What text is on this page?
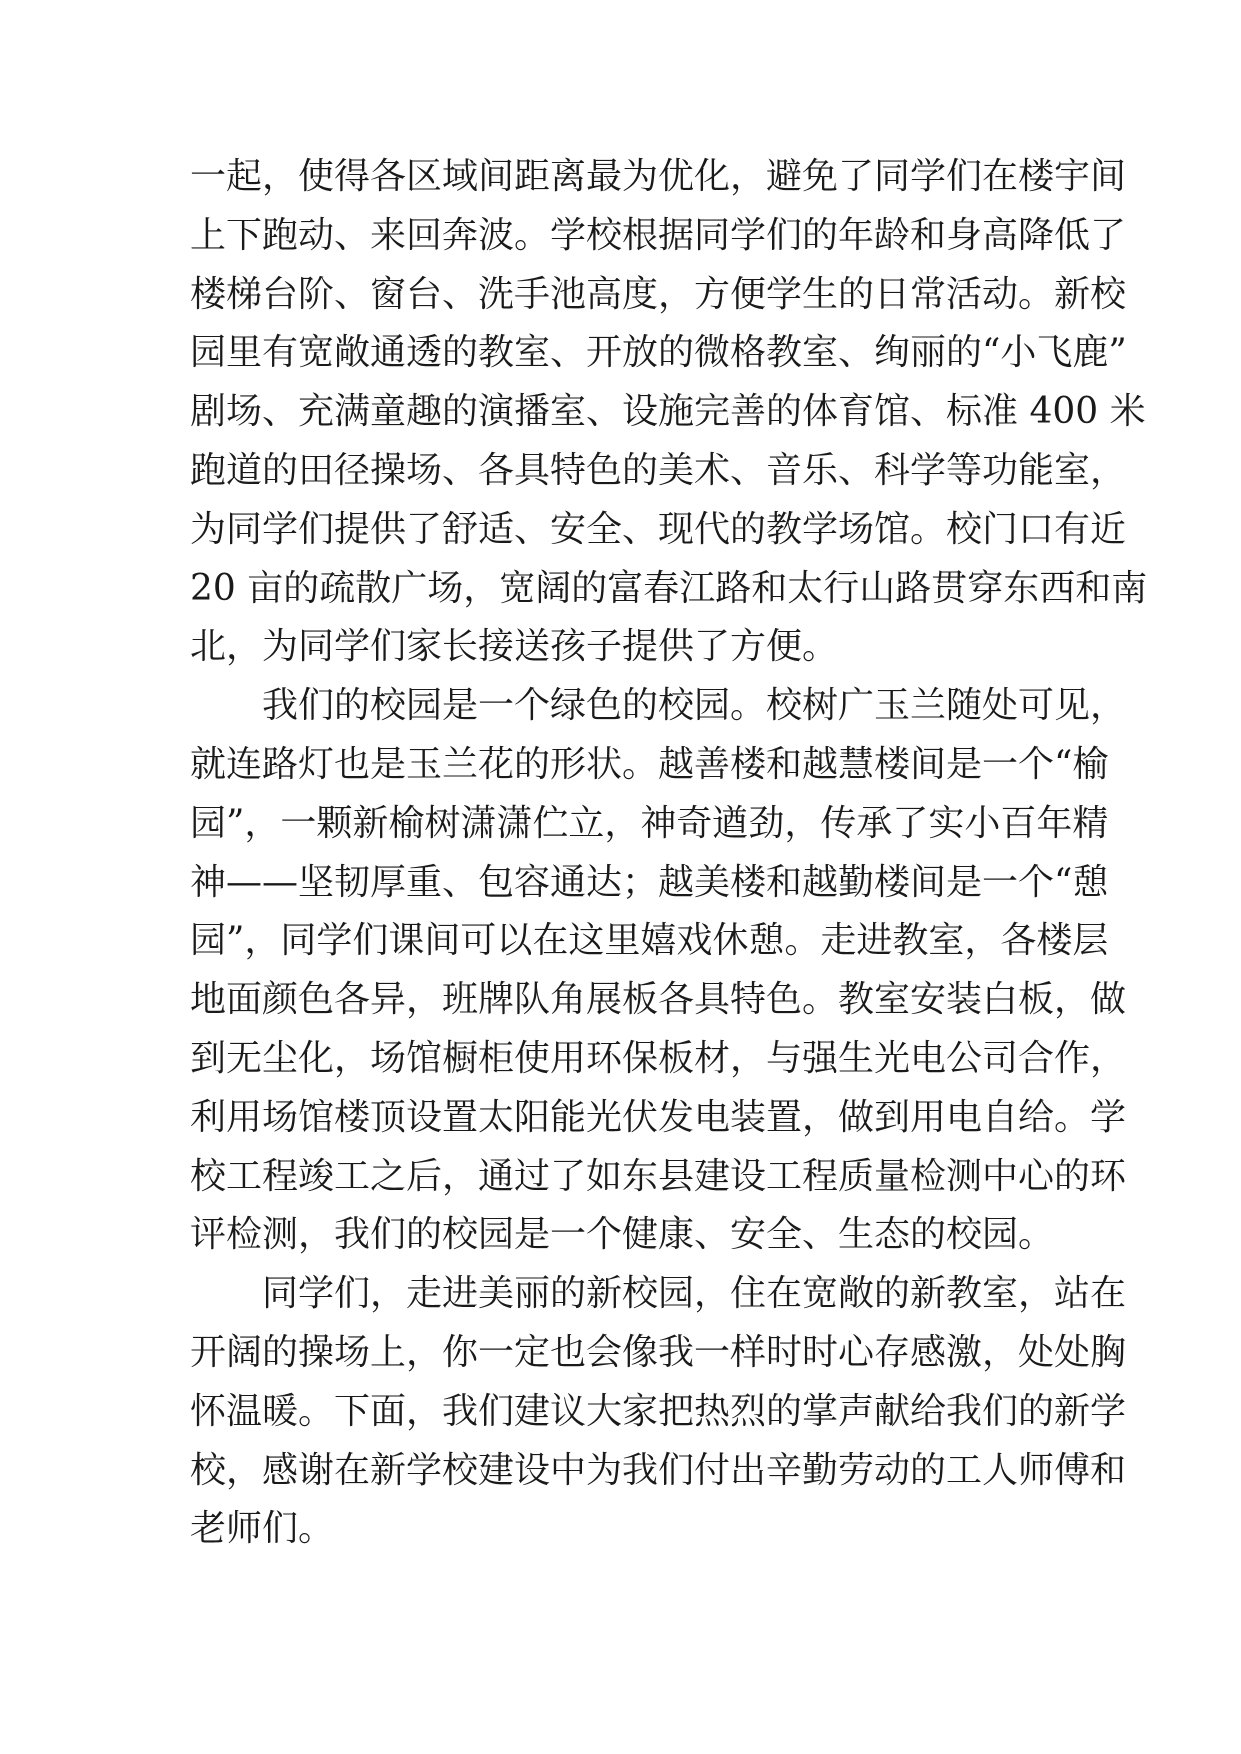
一起，使得各区域间距离最为优化，避免了同学们在楼宇间
上下跑动、来回奔波。学校根据同学们的年龄和身高降低了
楼梯台阶、窗台、洗手池高度，方便学生的日常活动。新校
园里有宽敞通透的教室、开放的微格教室、绚丽的“小飞鹿”
剧场、充满童趣的演播室、设施完善的体育馆、标准 400 米
跑道的田径操场、各具特色的美术、音乐、科学等功能室，
为同学们提供了舒适、安全、现代的教学场馆。校门口有近
20 亩的疏散广场，宽阔的富春江路和太行山路贯穿东西和南
北，为同学们家长接送孩子提供了方便。
我们的校园是一个绿色的校园。校树广玉兰随处可见，
就连路灯也是玉兰花的形状。越善楼和越慧楼间是一个“榆
园”，一颗新榆树潇潇伫立，神奇遒劲，传承了实小百年精
神——坚韧厚重、包容通达；越美楼和越勤楼间是一个“憩
园”，同学们课间可以在这里嬉戏休憩。走进教室，各楼层
地面颜色各异，班牌队角展板各具特色。教室安装白板，做
到无尘化，场馆橱柜使用环保板材，与强生光电公司合作，
利用场馆楼顶设置太阳能光伏发电装置，做到用电自给。学
校工程竣工之后，通过了如东县建设工程质量检测中心的环
评检测，我们的校园是一个健康、安全、生态的校园。
同学们，走进美丽的新校园，住在宽敞的新教室，站在
开阔的操场上，你一定也会像我一样时时心存感激，处处胸
怀温暖。下面，我们建议大家把热烈的掌声献给我们的新学
校，感谢在新学校建设中为我们付出辛勤劳动的工人师傅和
老师们。
